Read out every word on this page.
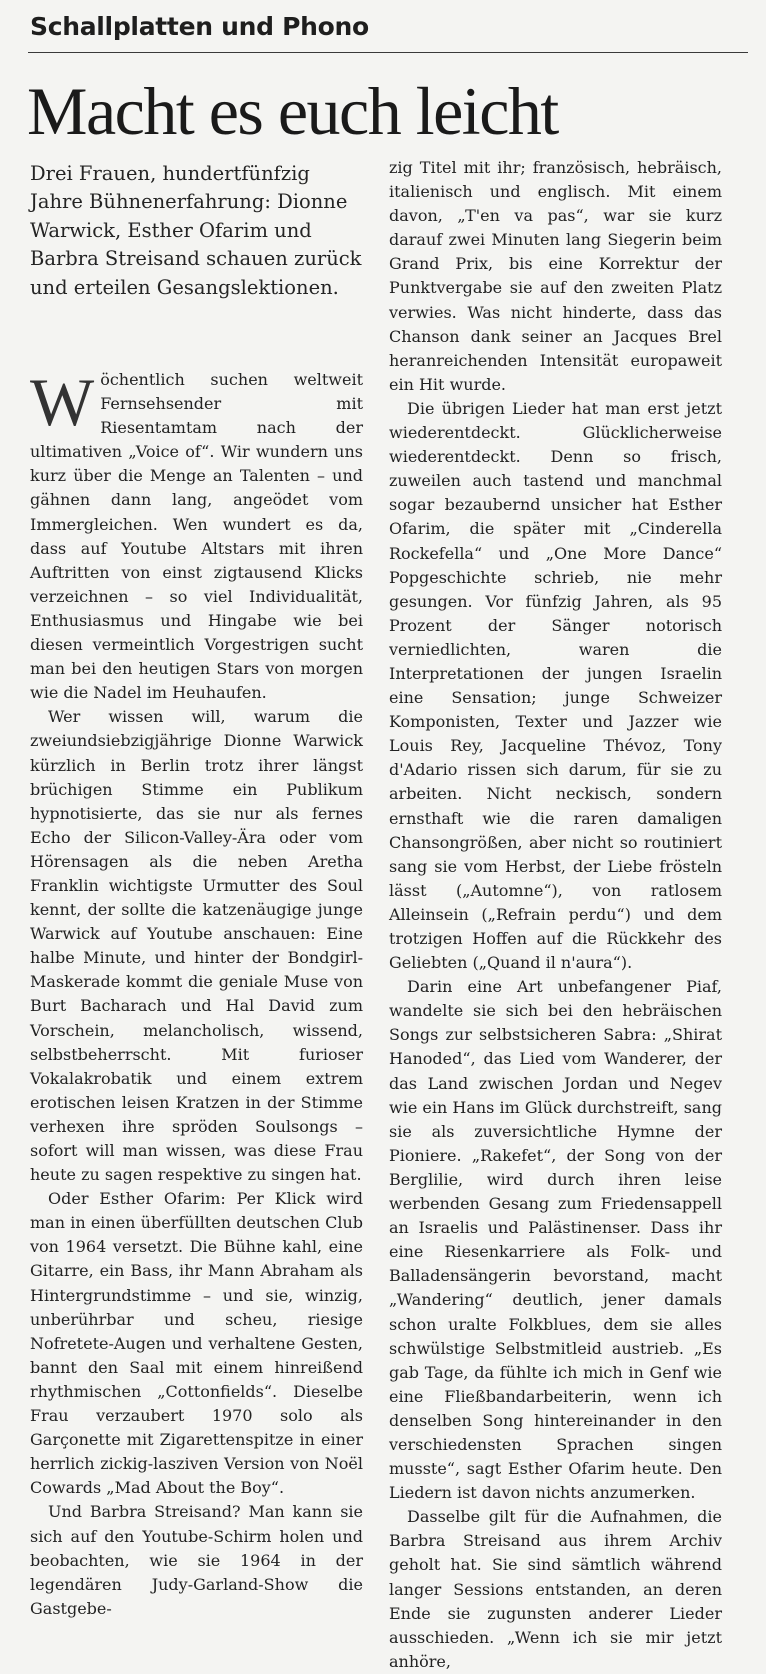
Schallplatten und Phono
Macht es euch leicht
Drei Frauen, hundertfünfzig Jahre Bühnenerfahrung: Dionne Warwick, Esther Ofarim und Barbra Streisand schauen zurück und erteilen Gesangslektionen.

Wöchentlich suchen weltweit Fernsehsender mit Riesentamtam nach der ultimativen „Voice of“. Wir wundern uns kurz über die Menge an Talenten – und gähnen dann lang, angeödet vom Immergleichen. Wen wundert es da, dass auf Youtube Altstars mit ihren Auftritten von einst zigtausend Klicks verzeichnen – so viel Individualität, Enthusiasmus und Hingabe wie bei diesen vermeintlich Vorgestrigen sucht man bei den heutigen Stars von morgen wie die Nadel im Heuhaufen.

Wer wissen will, warum die zweiundsiebzigjährige Dionne Warwick kürzlich in Berlin trotz ihrer längst brüchigen Stimme ein Publikum hypnotisierte, das sie nur als fernes Echo der Silicon-Valley-Ära oder vom Hörensagen als die neben Aretha Franklin wichtigste Urmutter des Soul kennt, der sollte die katzenäugige junge Warwick auf Youtube anschauen: Eine halbe Minute, und hinter der Bondgirl-Maskerade kommt die geniale Muse von Burt Bacharach und Hal David zum Vorschein, melancholisch, wissend, selbstbeherrscht. Mit furioser Vokalakrobatik und einem extrem erotischen leisen Kratzen in der Stimme verhexen ihre spröden Soulsongs – sofort will man wissen, was diese Frau heute zu sagen respektive zu singen hat.

Oder Esther Ofarim: Per Klick wird man in einen überfüllten deutschen Club von 1964 versetzt. Die Bühne kahl, eine Gitarre, ein Bass, ihr Mann Abraham als Hintergrundstimme – und sie, winzig, unberührbar und scheu, riesige Nofretete-Augen und verhaltene Gesten, bannt den Saal mit einem hinreißend rhythmischen „Cottonfields“. Dieselbe Frau verzaubert 1970 solo als Garçonette mit Zigarettenspitze in einer herrlich zickig-lasziven Version von Noël Cowards „Mad About the Boy“.

Und Barbra Streisand? Man kann sie sich auf den Youtube-Schirm holen und beobachten, wie sie 1964 in der legendären Judy-Garland-Show die Gastgebe-

zig Titel mit ihr; französisch, hebräisch, italienisch und englisch. Mit einem davon, „T'en va pas“, war sie kurz darauf zwei Minuten lang Siegerin beim Grand Prix, bis eine Korrektur der Punktvergabe sie auf den zweiten Platz verwies. Was nicht hinderte, dass das Chanson dank seiner an Jacques Brel heranreichenden Intensität europaweit ein Hit wurde.

Die übrigen Lieder hat man erst jetzt wiederentdeckt. Glücklicherweise wiederentdeckt. Denn so frisch, zuweilen auch tastend und manchmal sogar bezaubernd unsicher hat Esther Ofarim, die später mit „Cinderella Rockefella“ und „One More Dance“ Popgeschichte schrieb, nie mehr gesungen. Vor fünfzig Jahren, als 95 Prozent der Sänger notorisch verniedlichten, waren die Interpretationen der jungen Israelin eine Sensation; junge Schweizer Komponisten, Texter und Jazzer wie Louis Rey, Jacqueline Thévoz, Tony d'Adario rissen sich darum, für sie zu arbeiten. Nicht neckisch, sondern ernsthaft wie die raren damaligen Chansongrößen, aber nicht so routiniert sang sie vom Herbst, der Liebe frösteln lässt („Automne“), von ratlosem Alleinsein („Refrain perdu“) und dem trotzigen Hoffen auf die Rückkehr des Geliebten („Quand il n'aura“).

Darin eine Art unbefangener Piaf, wandelte sie sich bei den hebräischen Songs zur selbstsicheren Sabra: „Shirat Hanoded“, das Lied vom Wanderer, der das Land zwischen Jordan und Negev wie ein Hans im Glück durchstreift, sang sie als zuversichtliche Hymne der Pioniere. „Rakefet“, der Song von der Berglilie, wird durch ihren leise werbenden Gesang zum Friedensappell an Israelis und Palästinenser. Dass ihr eine Riesenkarriere als Folk- und Balladensängerin bevorstand, macht „Wandering“ deutlich, jener damals schon uralte Folkblues, dem sie alles schwülstige Selbstmitleid austrieb. „Es gab Tage, da fühlte ich mich in Genf wie eine Fließbandarbeiterin, wenn ich denselben Song hintereinander in den verschiedensten Sprachen singen musste“, sagt Esther Ofarim heute. Den Liedern ist davon nichts anzumerken.

Dasselbe gilt für die Aufnahmen, die Barbra Streisand aus ihrem Archiv geholt hat. Sie sind sämtlich während langer Sessions entstanden, an deren Ende sie zugunsten anderer Lieder ausschieden. „Wenn ich sie mir jetzt anhöre,
